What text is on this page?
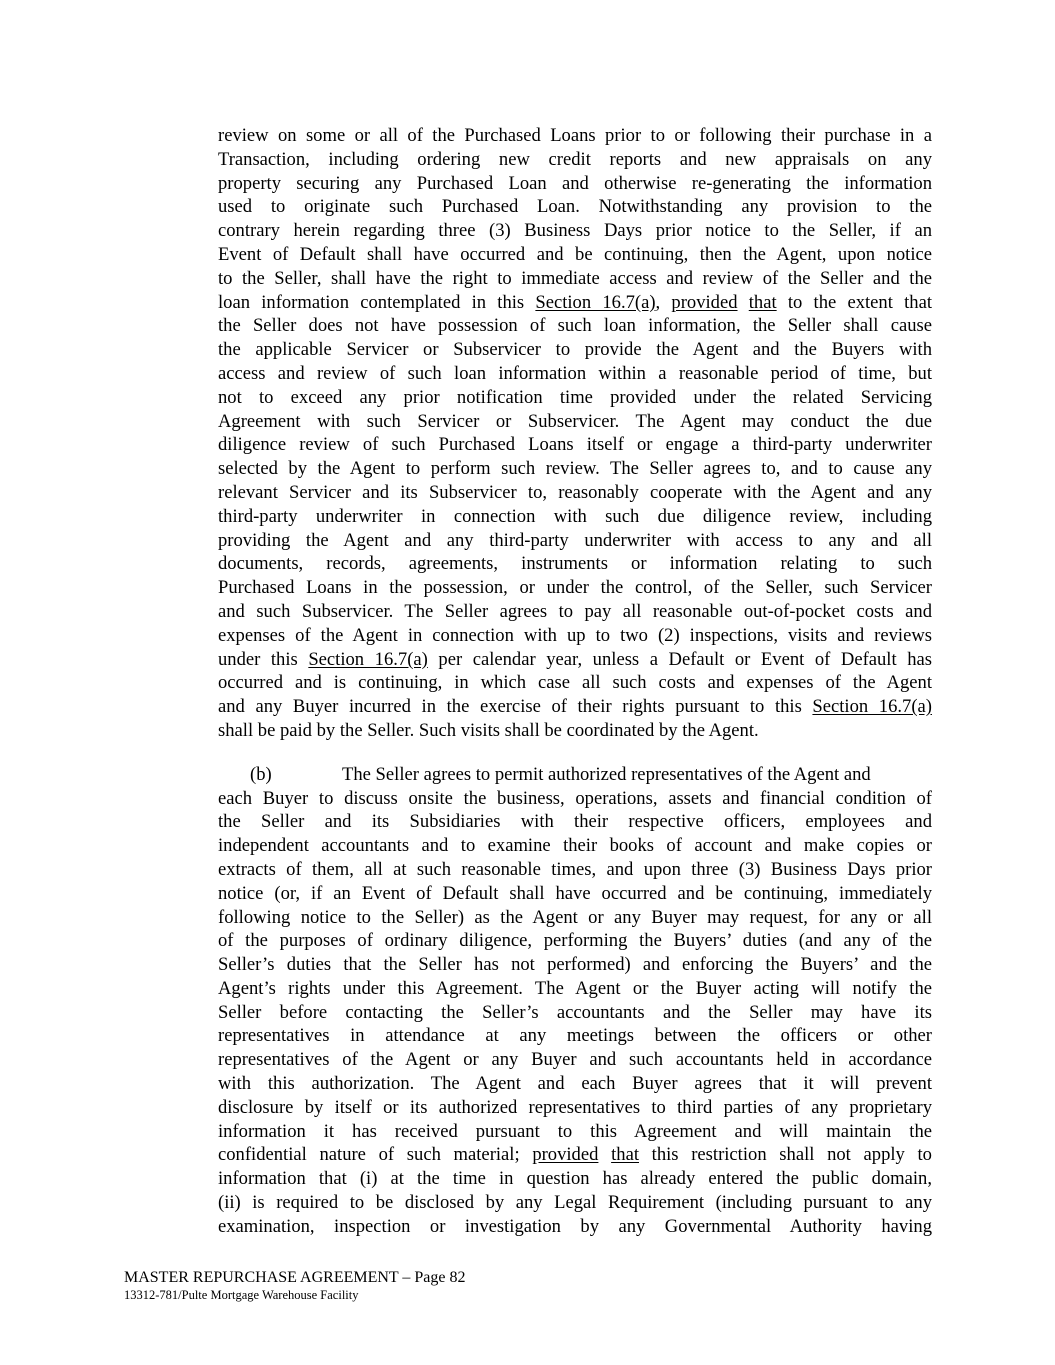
review on some or all of the Purchased Loans prior to or following their purchase in a
Transaction, including ordering new credit reports and new appraisals on any
property securing any Purchased Loan and otherwise re-generating the information
used to originate such Purchased Loan. Notwithstanding any provision to the
contrary herein regarding three (3) Business Days prior notice to the Seller, if an
Event of Default shall have occurred and be continuing, then the Agent, upon notice
to the Seller, shall have the right to immediate access and review of the Seller and the
loan information contemplated in this Section 16.7(a), provided that to the extent that
the Seller does not have possession of such loan information, the Seller shall cause
the applicable Servicer or Subservicer to provide the Agent and the Buyers with
access and review of such loan information within a reasonable period of time, but
not to exceed any prior notification time provided under the related Servicing
Agreement with such Servicer or Subservicer. The Agent may conduct the due
diligence review of such Purchased Loans itself or engage a third-party underwriter
selected by the Agent to perform such review. The Seller agrees to, and to cause any
relevant Servicer and its Subservicer to, reasonably cooperate with the Agent and any
third-party underwriter in connection with such due diligence review, including
providing the Agent and any third-party underwriter with access to any and all
documents, records, agreements, instruments or information relating to such
Purchased Loans in the possession, or under the control, of the Seller, such Servicer
and such Subservicer. The Seller agrees to pay all reasonable out-of-pocket costs and
expenses of the Agent in connection with up to two (2) inspections, visits and reviews
under this Section 16.7(a) per calendar year, unless a Default or Event of Default has
occurred and is continuing, in which case all such costs and expenses of the Agent
and any Buyer incurred in the exercise of their rights pursuant to this Section 16.7(a)
shall be paid by the Seller. Such visits shall be coordinated by the Agent.
(b)	The Seller agrees to permit authorized representatives of the Agent and
each Buyer to discuss onsite the business, operations, assets and financial condition of
the Seller and its Subsidiaries with their respective officers, employees and
independent accountants and to examine their books of account and make copies or
extracts of them, all at such reasonable times, and upon three (3) Business Days prior
notice (or, if an Event of Default shall have occurred and be continuing, immediately
following notice to the Seller) as the Agent or any Buyer may request, for any or all
of the purposes of ordinary diligence, performing the Buyers’ duties (and any of the
Seller’s duties that the Seller has not performed) and enforcing the Buyers’ and the
Agent’s rights under this Agreement. The Agent or the Buyer acting will notify the
Seller before contacting the Seller’s accountants and the Seller may have its
representatives in attendance at any meetings between the officers or other
representatives of the Agent or any Buyer and such accountants held in accordance
with this authorization. The Agent and each Buyer agrees that it will prevent
disclosure by itself or its authorized representatives to third parties of any proprietary
information it has received pursuant to this Agreement and will maintain the
confidential nature of such material; provided that this restriction shall not apply to
information that (i) at the time in question has already entered the public domain,
(ii) is required to be disclosed by any Legal Requirement (including pursuant to any
examination, inspection or investigation by any Governmental Authority having
MASTER REPURCHASE AGREEMENT – Page 82
13312-781/Pulte Mortgage Warehouse Facility
